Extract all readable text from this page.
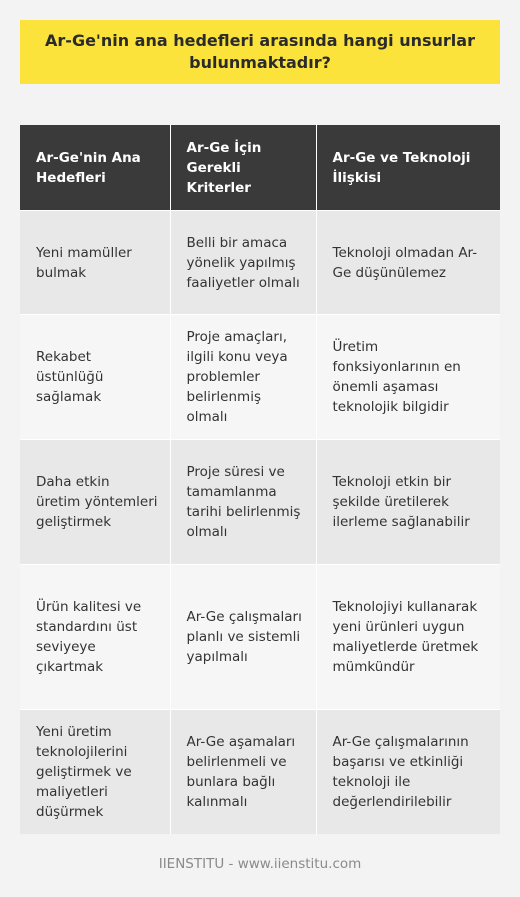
Ar-Ge'nin ana hedefleri arasında hangi unsurlar bulunmaktadır?
Ar-Ge'nin Ana Hedefleri	Ar-Ge İçin Gerekli Kriterler	Ar-Ge ve Teknoloji İlişkisi
Yeni mamüller bulmak	Belli bir amaca yönelik yapılmış faaliyetler olmalı	Teknoloji olmadan Ar-Ge düşünülemez
Rekabet üstünlüğü sağlamak	Proje amaçları, ilgili konu veya problemler belirlenmiş olmalı	Üretim fonksiyonlarının en önemli aşaması teknolojik bilgidir
Daha etkin üretim yöntemleri geliştirmek	Proje süresi ve tamamlanma tarihi belirlenmiş olmalı	Teknoloji etkin bir şekilde üretilerek ilerleme sağlanabilir
Ürün kalitesi ve standardını üst seviyeye çıkartmak	Ar-Ge çalışmaları planlı ve sistemli yapılmalı	Teknolojiyi kullanarak yeni ürünleri uygun maliyetlerde üretmek mümkündür
Yeni üretim teknolojilerini geliştirmek ve maliyetleri düşürmek	Ar-Ge aşamaları belirlenmeli ve bunlara bağlı kalınmalı	Ar-Ge çalışmalarının başarısı ve etkinliği teknoloji ile değerlendirilebilir
IIENSTITU - www.iienstitu.com
